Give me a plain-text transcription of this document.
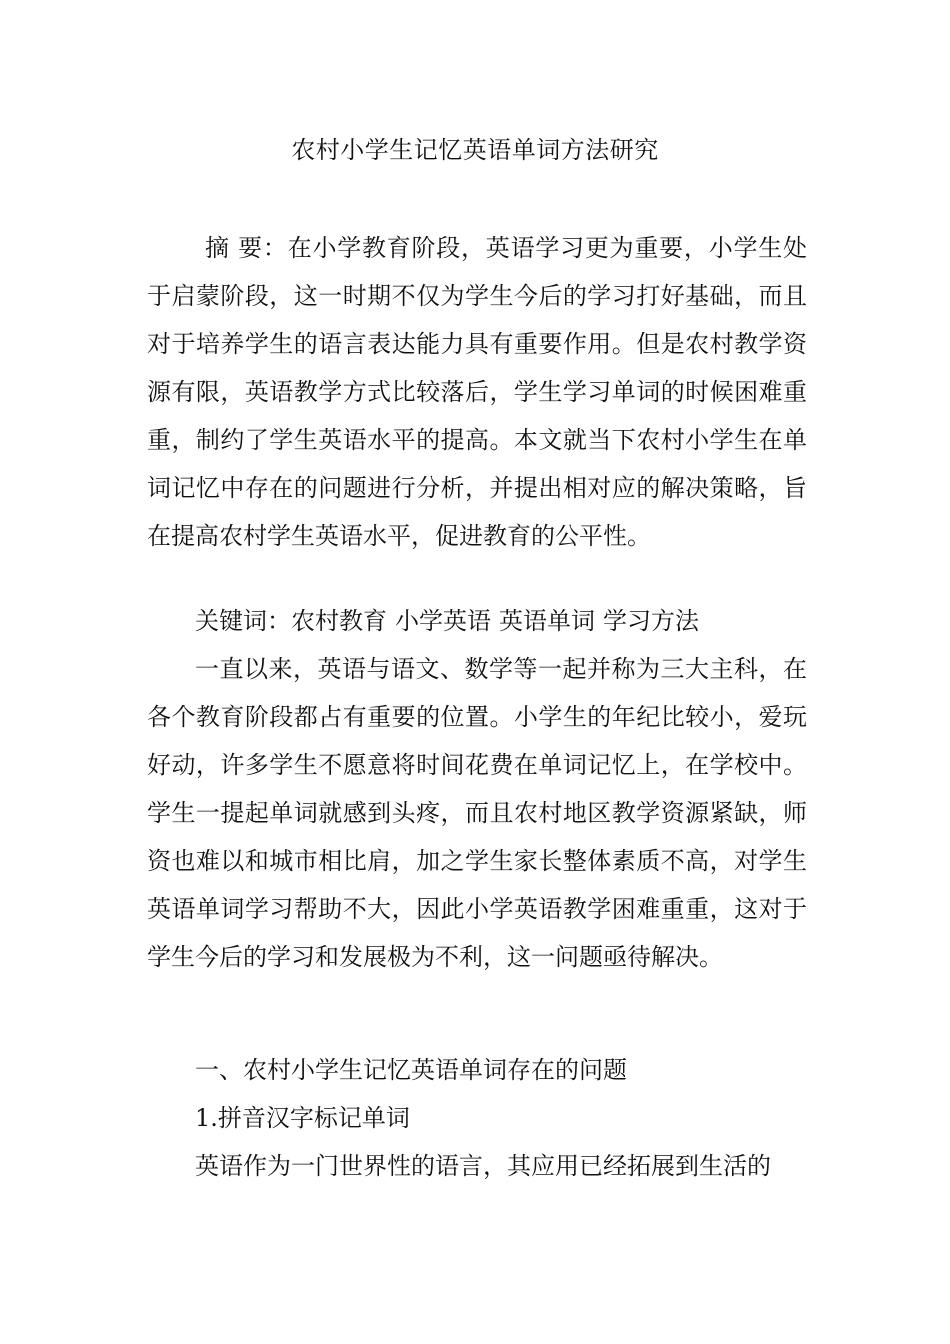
农村小学生记忆英语单词方法研究
摘 要：在小学教育阶段，英语学习更为重要，小学生处于启蒙阶段，这一时期不仅为学生今后的学习打好基础，而且对于培养学生的语言表达能力具有重要作用。但是农村教学资源有限，英语教学方式比较落后，学生学习单词的时候困难重重，制约了学生英语水平的提高。本文就当下农村小学生在单词记忆中存在的问题进行分析，并提出相对应的解决策略，旨在提高农村学生英语水平，促进教育的公平性。
关键词：农村教育 小学英语 英语单词 学习方法
一直以来，英语与语文、数学等一起并称为三大主科，在各个教育阶段都占有重要的位置。小学生的年纪比较小，爱玩好动，许多学生不愿意将时间花费在单词记忆上，在学校中。学生一提起单词就感到头疼，而且农村地区教学资源紧缺，师资也难以和城市相比肩，加之学生家长整体素质不高，对学生英语单词学习帮助不大，因此小学英语教学困难重重，这对于学生今后的学习和发展极为不利，这一问题亟待解决。
一、农村小学生记忆英语单词存在的问题
1.拼音汉字标记单词
英语作为一门世界性的语言，其应用已经拓展到生活的
